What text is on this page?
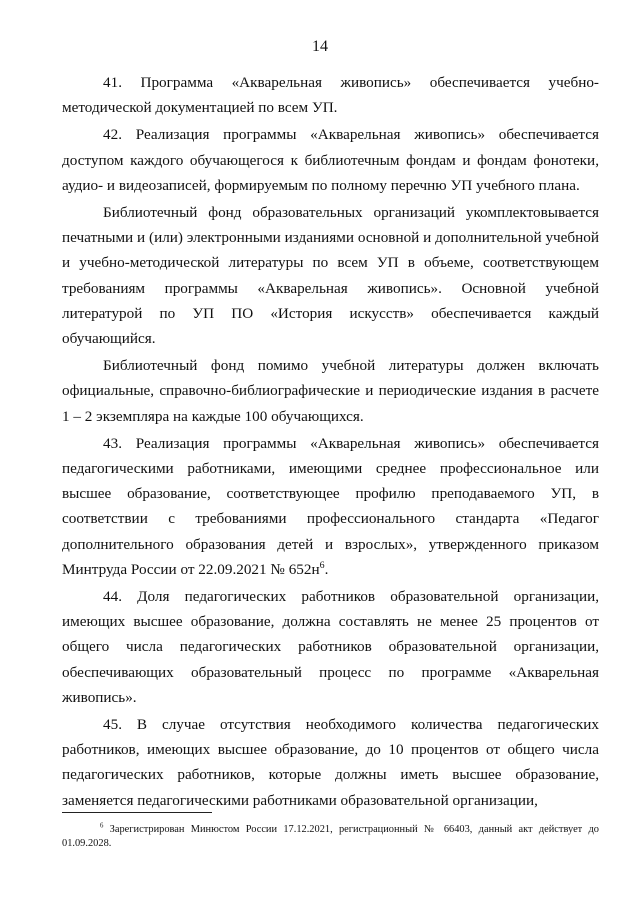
14

41. Программа «Акварельная живопись» обеспечивается учебно-методической документацией по всем УП.

42. Реализация программы «Акварельная живопись» обеспечивается доступом каждого обучающегося к библиотечным фондам и фондам фонотеки, аудио- и видеозаписей, формируемым по полному перечню УП учебного плана.

Библиотечный фонд образовательных организаций укомплектовывается печатными и (или) электронными изданиями основной и дополнительной учебной и учебно-методической литературы по всем УП в объеме, соответствующем требованиям программы «Акварельная живопись». Основной учебной литературой по УП ПО «История искусств» обеспечивается каждый обучающийся.

Библиотечный фонд помимо учебной литературы должен включать официальные, справочно-библиографические и периодические издания в расчете 1 – 2 экземпляра на каждые 100 обучающихся.

43. Реализация программы «Акварельная живопись» обеспечивается педагогическими работниками, имеющими среднее профессиональное или высшее образование, соответствующее профилю преподаваемого УП, в соответствии с требованиями профессионального стандарта «Педагог дополнительного образования детей и взрослых», утвержденного приказом Минтруда России от 22.09.2021 № $652н^6$.

44. Доля педагогических работников образовательной организации, имеющих высшее образование, должна составлять не менее 25 процентов от общего числа педагогических работников образовательной организации, обеспечивающих образовательный процесс по программе «Акварельная живопись».

45. В случае отсутствия необходимого количества педагогических работников, имеющих высшее образование, до 10 процентов от общего числа педагогических работников, которые должны иметь высшее образование, заменяется педагогическими работниками образовательной организации,

$^6$ Зарегистрирован Минюстом России 17.12.2021, регистрационный № 66403, данный акт действует до 01.09.2028.
